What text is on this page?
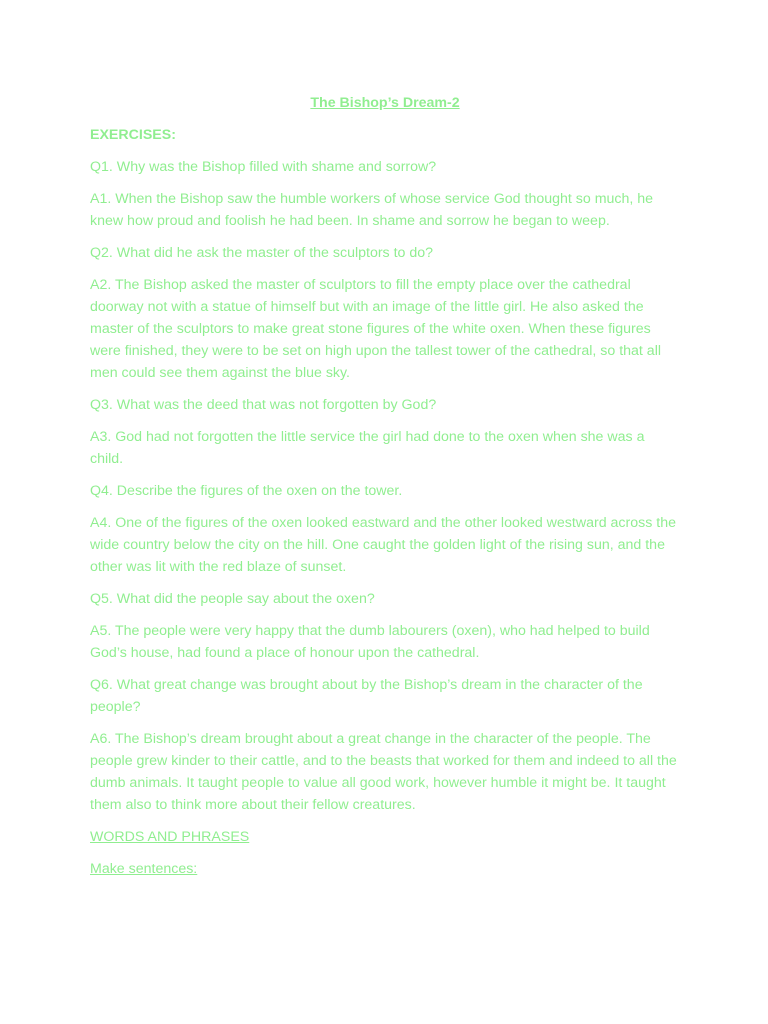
The Bishop’s Dream-2
EXERCISES:
Q1. Why was the Bishop filled with shame and sorrow?
A1. When the Bishop saw the humble workers of whose service God thought so much, he knew how proud and foolish he had been. In shame and sorrow he began to weep.
Q2. What did he ask the master of the sculptors to do?
A2. The Bishop asked the master of sculptors to fill the empty place over the cathedral doorway not with a statue of himself but with an image of the little girl. He also asked the master of the sculptors to make great stone figures of the white oxen. When these figures were finished, they were to be set on high upon the tallest tower of the cathedral, so that all men could see them against the blue sky.
Q3. What was the deed that was not forgotten by God?
A3. God had not forgotten the little service the girl had done to the oxen when she was a child.
Q4. Describe the figures of the oxen on the tower.
A4. One of the figures of the oxen looked eastward and the other looked westward across the wide country below the city on the hill. One caught the golden light of the rising sun, and the other was lit with the red blaze of sunset.
Q5. What did the people say about the oxen?
A5. The people were very happy that the dumb labourers (oxen), who had helped to build God’s house, had found a place of honour upon the cathedral.
Q6. What great change was brought about by the Bishop’s dream in the character of the people?
A6. The Bishop’s dream brought about a great change in the character of the people. The people grew kinder to their cattle, and to the beasts that worked for them and indeed to all the dumb animals. It taught people to value all good work, however humble it might be. It taught them also to think more about their fellow creatures.
WORDS AND PHRASES
Make sentences:
